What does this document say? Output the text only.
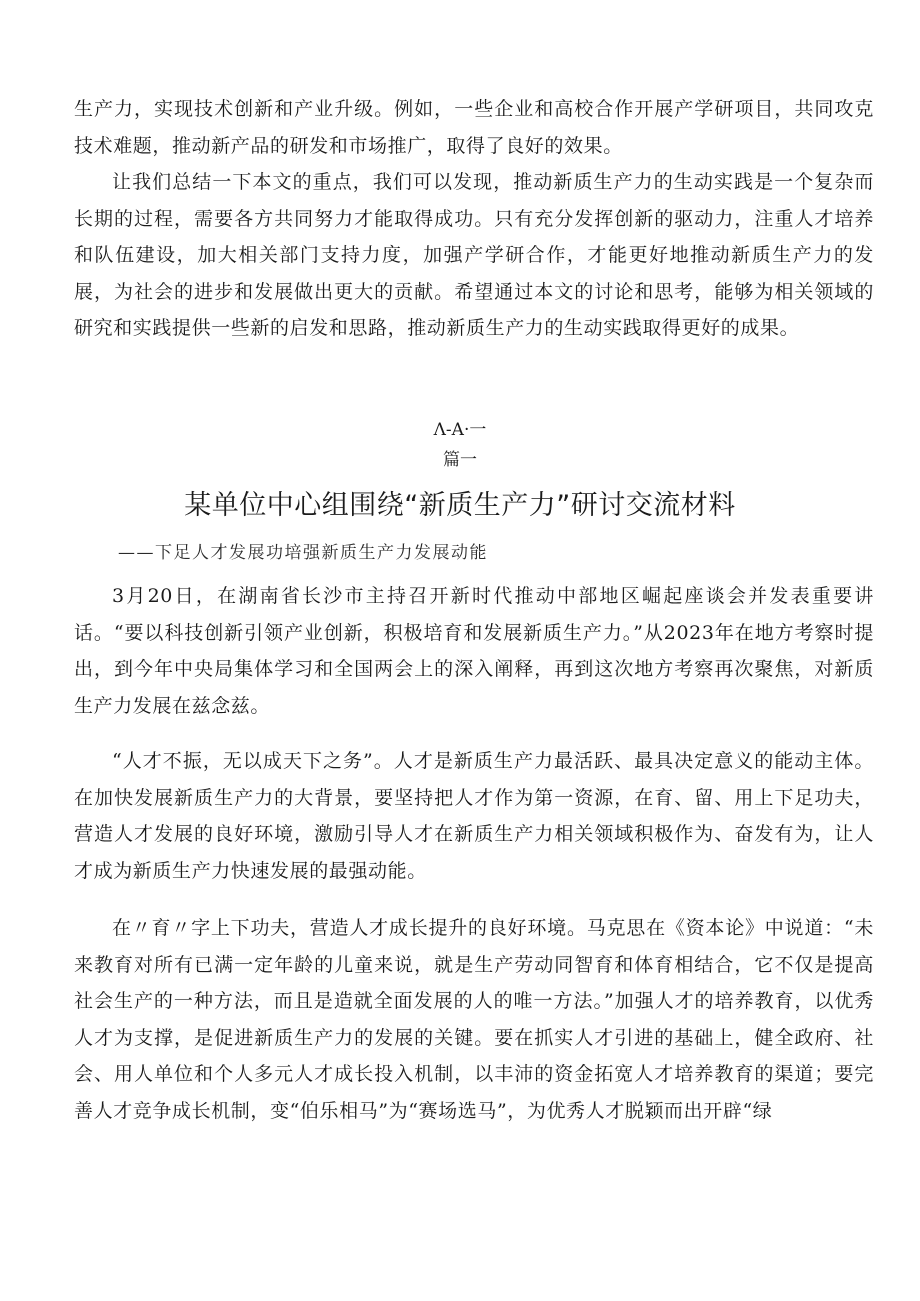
生产力，实现技术创新和产业升级。例如，一些企业和高校合作开展产学研项目，共同攻克技术难题，推动新产品的研发和市场推广，取得了良好的效果。

让我们总结一下本文的重点，我们可以发现，推动新质生产力的生动实践是一个复杂而长期的过程，需要各方共同努力才能取得成功。只有充分发挥创新的驱动力，注重人才培养和队伍建设，加大相关部门支持力度，加强产学研合作，才能更好地推动新质生产力的发展，为社会的进步和发展做出更大的贡献。希望通过本文的讨论和思考，能够为相关领域的研究和实践提供一些新的启发和思路，推动新质生产力的生动实践取得更好的成果。

Λ-A·一

篇一

某单位中心组围绕“新质生产力”研讨交流材料

——下足人才发展功培强新质生产力发展动能

3月20日，在湖南省长沙市主持召开新时代推动中部地区崛起座谈会并发表重要讲话。“要以科技创新引领产业创新，积极培育和发展新质生产力。”从2023年在地方考察时提出，到今年中央局集体学习和全国两会上的深入阐释，再到这次地方考察再次聚焦，对新质生产力发展在兹念兹。

“人才不振，无以成天下之务”。人才是新质生产力最活跃、最具决定意义的能动主体。在加快发展新质生产力的大背景，要坚持把人才作为第一资源，在育、留、用上下足功夫，营造人才发展的良好环境，激励引导人才在新质生产力相关领域积极作为、奋发有为，让人才成为新质生产力快速发展的最强动能。

在〃育〃字上下功夫，营造人才成长提升的良好环境。马克思在《资本论》中说道：“未来教育对所有已满一定年龄的儿童来说，就是生产劳动同智育和体育相结合，它不仅是提高社会生产的一种方法，而且是造就全面发展的人的唯一方法。”加强人才的培养教育，以优秀人才为支撑，是促进新质生产力的发展的关键。要在抓实人才引进的基础上，健全政府、社会、用人单位和个人多元人才成长投入机制，以丰沛的资金拓宽人才培养教育的渠道；要完善人才竞争成长机制，变“伯乐相马”为“赛场选马”，为优秀人才脱颖而出开辟“绿
